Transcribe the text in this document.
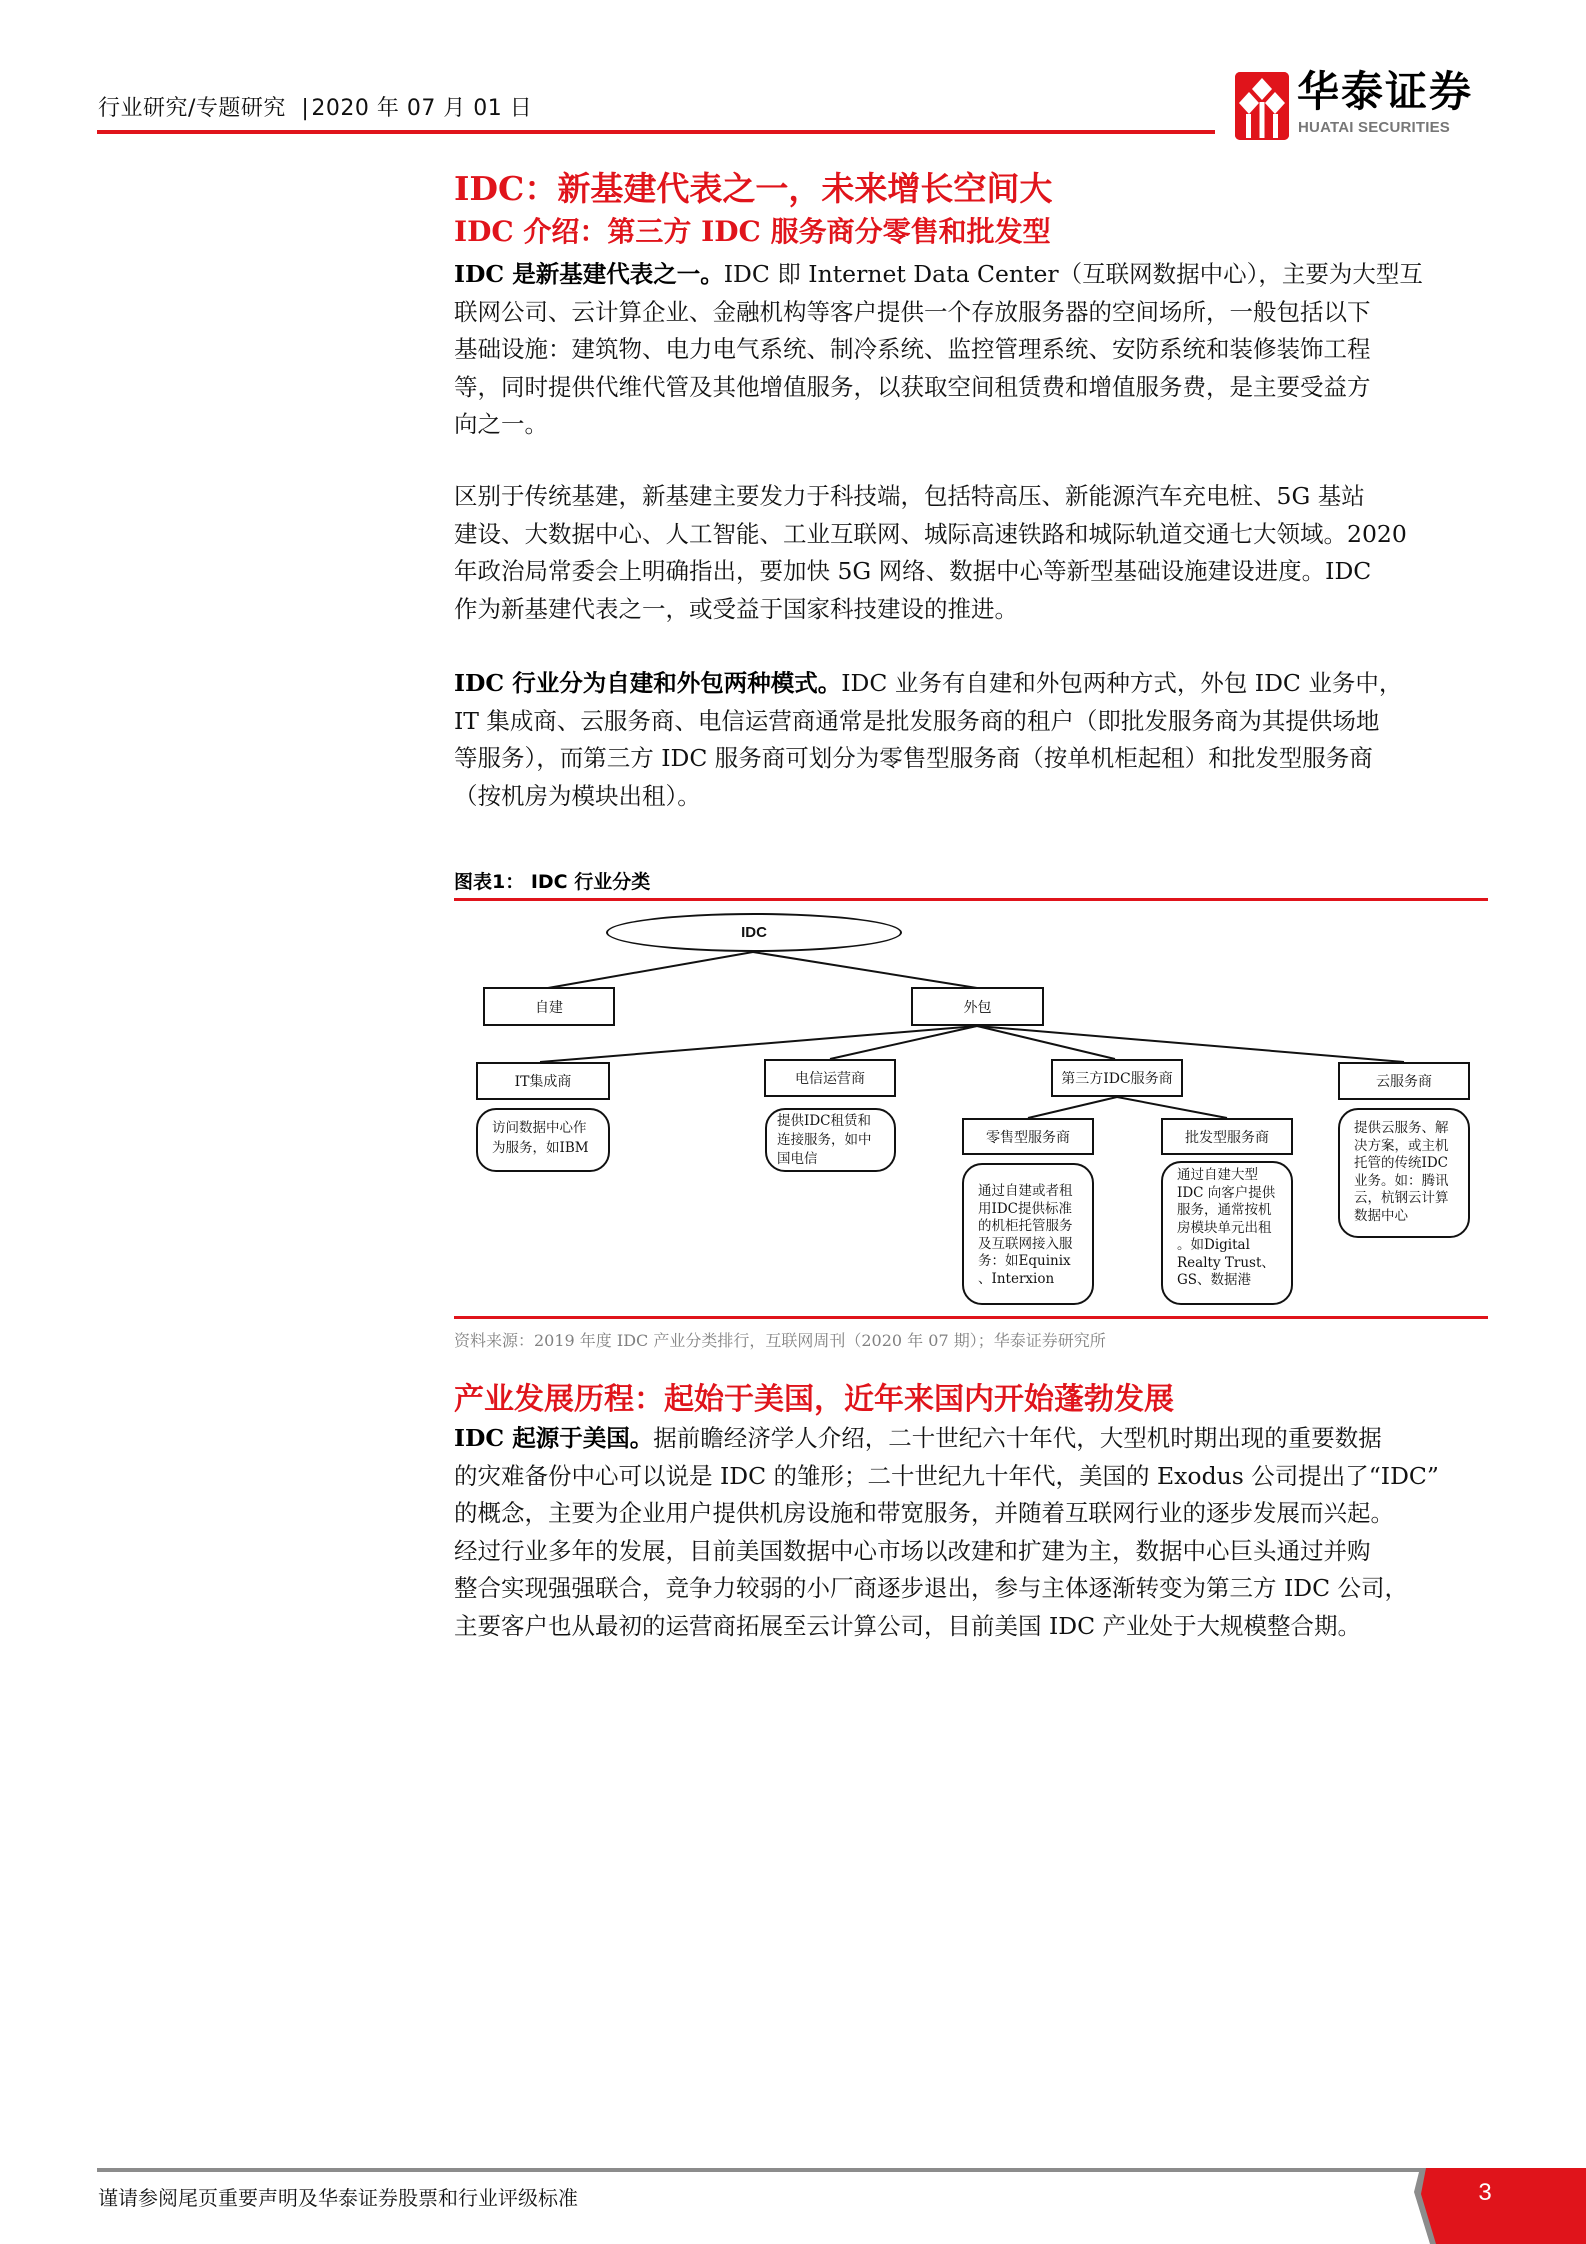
行业研究/专题研究 |2020 年 07 月 01 日	华泰证券
HUATAI SECURITIES
IDC：新基建代表之一，未来增长空间大
IDC 介绍：第三方 IDC 服务商分零售和批发型
IDC 是新基建代表之一。IDC 即 Internet Data Center（互联网数据中心），主要为大型互
联网公司、云计算企业、金融机构等客户提供一个存放服务器的空间场所，一般包括以下
基础设施：建筑物、电力电气系统、制冷系统、监控管理系统、安防系统和装修装饰工程
等，同时提供代维代管及其他增值服务，以获取空间租赁费和增值服务费，是主要受益方
向之一。
区别于传统基建，新基建主要发力于科技端，包括特高压、新能源汽车充电桩、5G 基站
建设、大数据中心、人工智能、工业互联网、城际高速铁路和城际轨道交通七大领域。2020
年政治局常委会上明确指出，要加快 5G 网络、数据中心等新型基础设施建设进度。IDC
作为新基建代表之一，或受益于国家科技建设的推进。
IDC 行业分为自建和外包两种模式。IDC 业务有自建和外包两种方式，外包 IDC 业务中，
IT 集成商、云服务商、电信运营商通常是批发服务商的租户（即批发服务商为其提供场地
等服务），而第三方 IDC 服务商可划分为零售型服务商（按单机柜起租）和批发型服务商
（按机房为模块出租）。
图表1： IDC 行业分类
IDC
自建	外包
IT集成商	电信运营商	第三方IDC服务商	云服务商
零售型服务商	批发型服务商
访问数据中心作
为服务，如IBM
提供IDC租赁和
连接服务，如中
国电信
通过自建或者租
用IDC提供标准
的机柜托管服务
及互联网接入服
务：如Equinix
、Interxion
通过自建大型
IDC 向客户提供
服务，通常按机
房模块单元出租
。如Digital
Realty Trust、
GS、数据港
提供云服务、解
决方案，或主机
托管的传统IDC
业务。如：腾讯
云，杭钢云计算
数据中心
资料来源：2019 年度 IDC 产业分类排行，互联网周刊（2020 年 07 期）；华泰证券研究所
产业发展历程：起始于美国，近年来国内开始蓬勃发展
IDC 起源于美国。据前瞻经济学人介绍，二十世纪六十年代，大型机时期出现的重要数据
的灾难备份中心可以说是 IDC 的雏形；二十世纪九十年代，美国的 Exodus 公司提出了“IDC”
的概念，主要为企业用户提供机房设施和带宽服务，并随着互联网行业的逐步发展而兴起。
经过行业多年的发展，目前美国数据中心市场以改建和扩建为主，数据中心巨头通过并购
整合实现强强联合，竞争力较弱的小厂商逐步退出，参与主体逐渐转变为第三方 IDC 公司，
主要客户也从最初的运营商拓展至云计算公司，目前美国 IDC 产业处于大规模整合期。
谨请参阅尾页重要声明及华泰证券股票和行业评级标准	3
